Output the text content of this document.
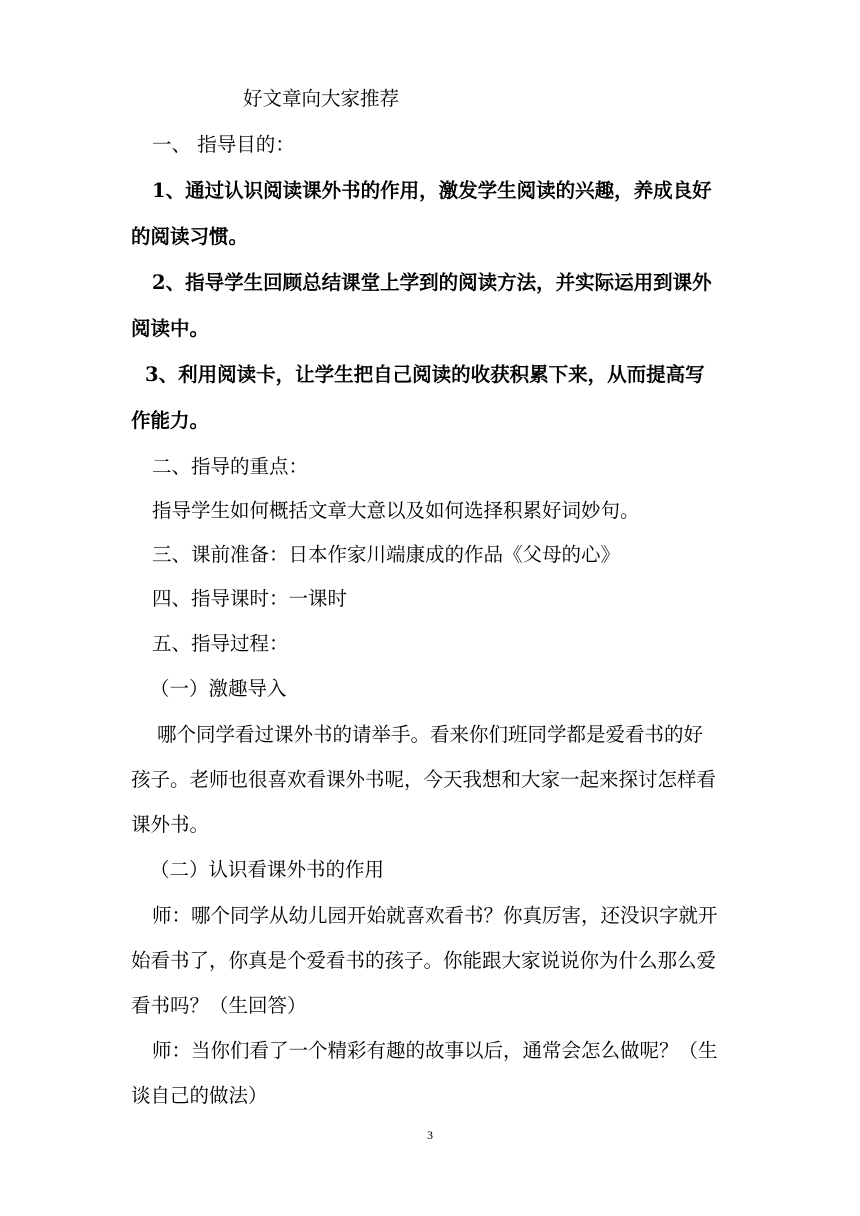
好文章向大家推荐
一、 指导目的：
1、通过认识阅读课外书的作用，激发学生阅读的兴趣，养成良好
的阅读习惯。
2、指导学生回顾总结课堂上学到的阅读方法，并实际运用到课外
阅读中。
3、利用阅读卡，让学生把自己阅读的收获积累下来，从而提高写
作能力。
二、指导的重点：
指导学生如何概括文章大意以及如何选择积累好词妙句。
三、课前准备：日本作家川端康成的作品《父母的心》
四、指导课时：一课时
五、指导过程：
（一）激趣导入
哪个同学看过课外书的请举手。看来你们班同学都是爱看书的好
孩子。老师也很喜欢看课外书呢，今天我想和大家一起来探讨怎样看
课外书。
（二）认识看课外书的作用
师：哪个同学从幼儿园开始就喜欢看书？你真厉害，还没识字就开
始看书了，你真是个爱看书的孩子。你能跟大家说说你为什么那么爱
看书吗？（生回答）
师：当你们看了一个精彩有趣的故事以后，通常会怎么做呢？（生
谈自己的做法）
3
